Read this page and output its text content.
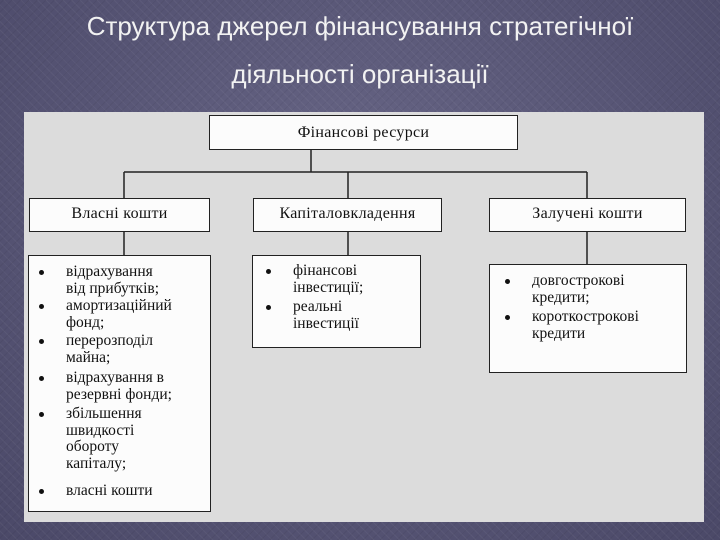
Структура джерел фінансування стратегічної
діяльності організації
Фінансові ресурси
Власні кошти	Капіталовкладення	Залучені кошти
відрахування
від прибутків;
амортизаційний
фонд;
перерозподіл
майна;
відрахування в
резервні фонди;
збільшення
швидкості
обороту
капіталу;
власні кошти
фінансові
інвестиції;
реальні
інвестиції
довгострокові
кредити;
короткострокові
кредити
